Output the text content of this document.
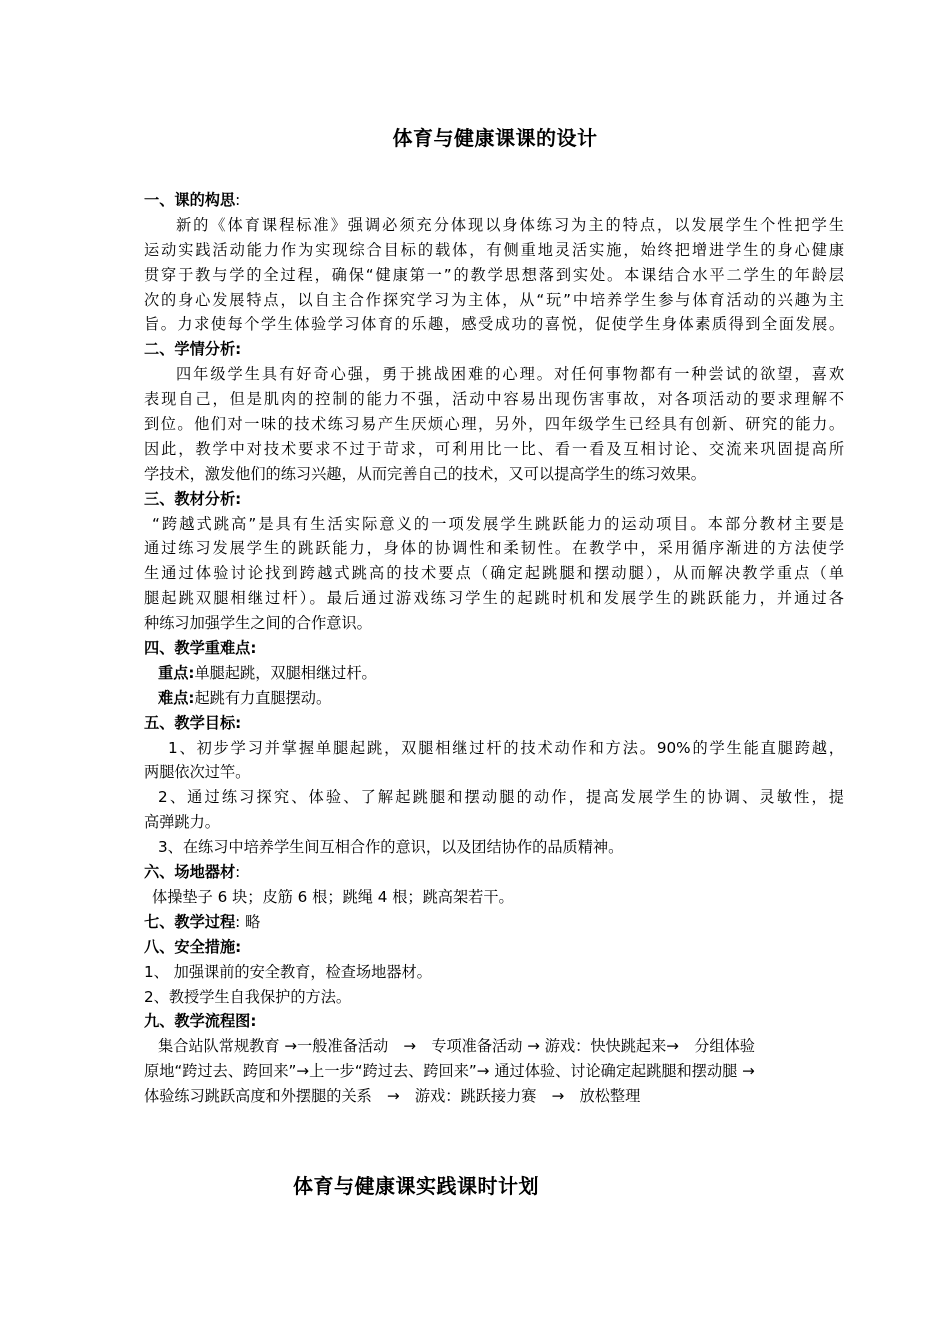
体育与健康课课的设计
一、课的构思:
新的《体育课程标准》强调必须充分体现以身体练习为主的特点，以发展学生个性把学生
运动实践活动能力作为实现综合目标的载体，有侧重地灵活实施，始终把增进学生的身心健康
贯穿于教与学的全过程，确保“健康第一”的教学思想落到实处。本课结合水平二学生的年龄层
次的身心发展特点，以自主合作探究学习为主体，从“玩”中培养学生参与体育活动的兴趣为主
旨。力求使每个学生体验学习体育的乐趣，感受成功的喜悦，促使学生身体素质得到全面发展。
二、学情分析:
四年级学生具有好奇心强，勇于挑战困难的心理。对任何事物都有一种尝试的欲望，喜欢
表现自己，但是肌肉的控制的能力不强，活动中容易出现伤害事故，对各项活动的要求理解不
到位。他们对一味的技术练习易产生厌烦心理，另外，四年级学生已经具有创新、研究的能力。
因此，教学中对技术要求不过于苛求，可利用比一比、看一看及互相讨论、交流来巩固提高所
学技术，激发他们的练习兴趣，从而完善自己的技术，又可以提高学生的练习效果。
三、教材分析:
“跨越式跳高”是具有生活实际意义的一项发展学生跳跃能力的运动项目。本部分教材主要是
通过练习发展学生的跳跃能力，身体的协调性和柔韧性。在教学中，采用循序渐进的方法使学
生通过体验讨论找到跨越式跳高的技术要点（确定起跳腿和摆动腿），从而解决教学重点（单
腿起跳双腿相继过杆）。最后通过游戏练习学生的起跳时机和发展学生的跳跃能力，并通过各
种练习加强学生之间的合作意识。
四、教学重难点:
重点:单腿起跳，双腿相继过杆。
难点:起跳有力直腿摆动。
五、教学目标:
1、初步学习并掌握单腿起跳，双腿相继过杆的技术动作和方法。90%的学生能直腿跨越，
两腿依次过竿。
2、通过练习探究、体验、了解起跳腿和摆动腿的动作，提高发展学生的协调、灵敏性，提
高弹跳力。
3、在练习中培养学生间互相合作的意识，以及团结协作的品质精神。
六、场地器材:
体操垫子 6 块；皮筋 6 根；跳绳 4 根；跳高架若干。
七、教学过程: 略
八、安全措施:
1、 加强课前的安全教育，检查场地器材。
2、教授学生自我保护的方法。
九、教学流程图:
集合站队常规教育 →一般准备活动　→　专项准备活动 → 游戏：快快跳起来→　分组体验
原地“跨过去、跨回来”→上一步“跨过去、跨回来”→ 通过体验、讨论确定起跳腿和摆动腿 →
体验练习跳跃高度和外摆腿的关系　→　游戏：跳跃接力赛　→　放松整理
体育与健康课实践课时计划
